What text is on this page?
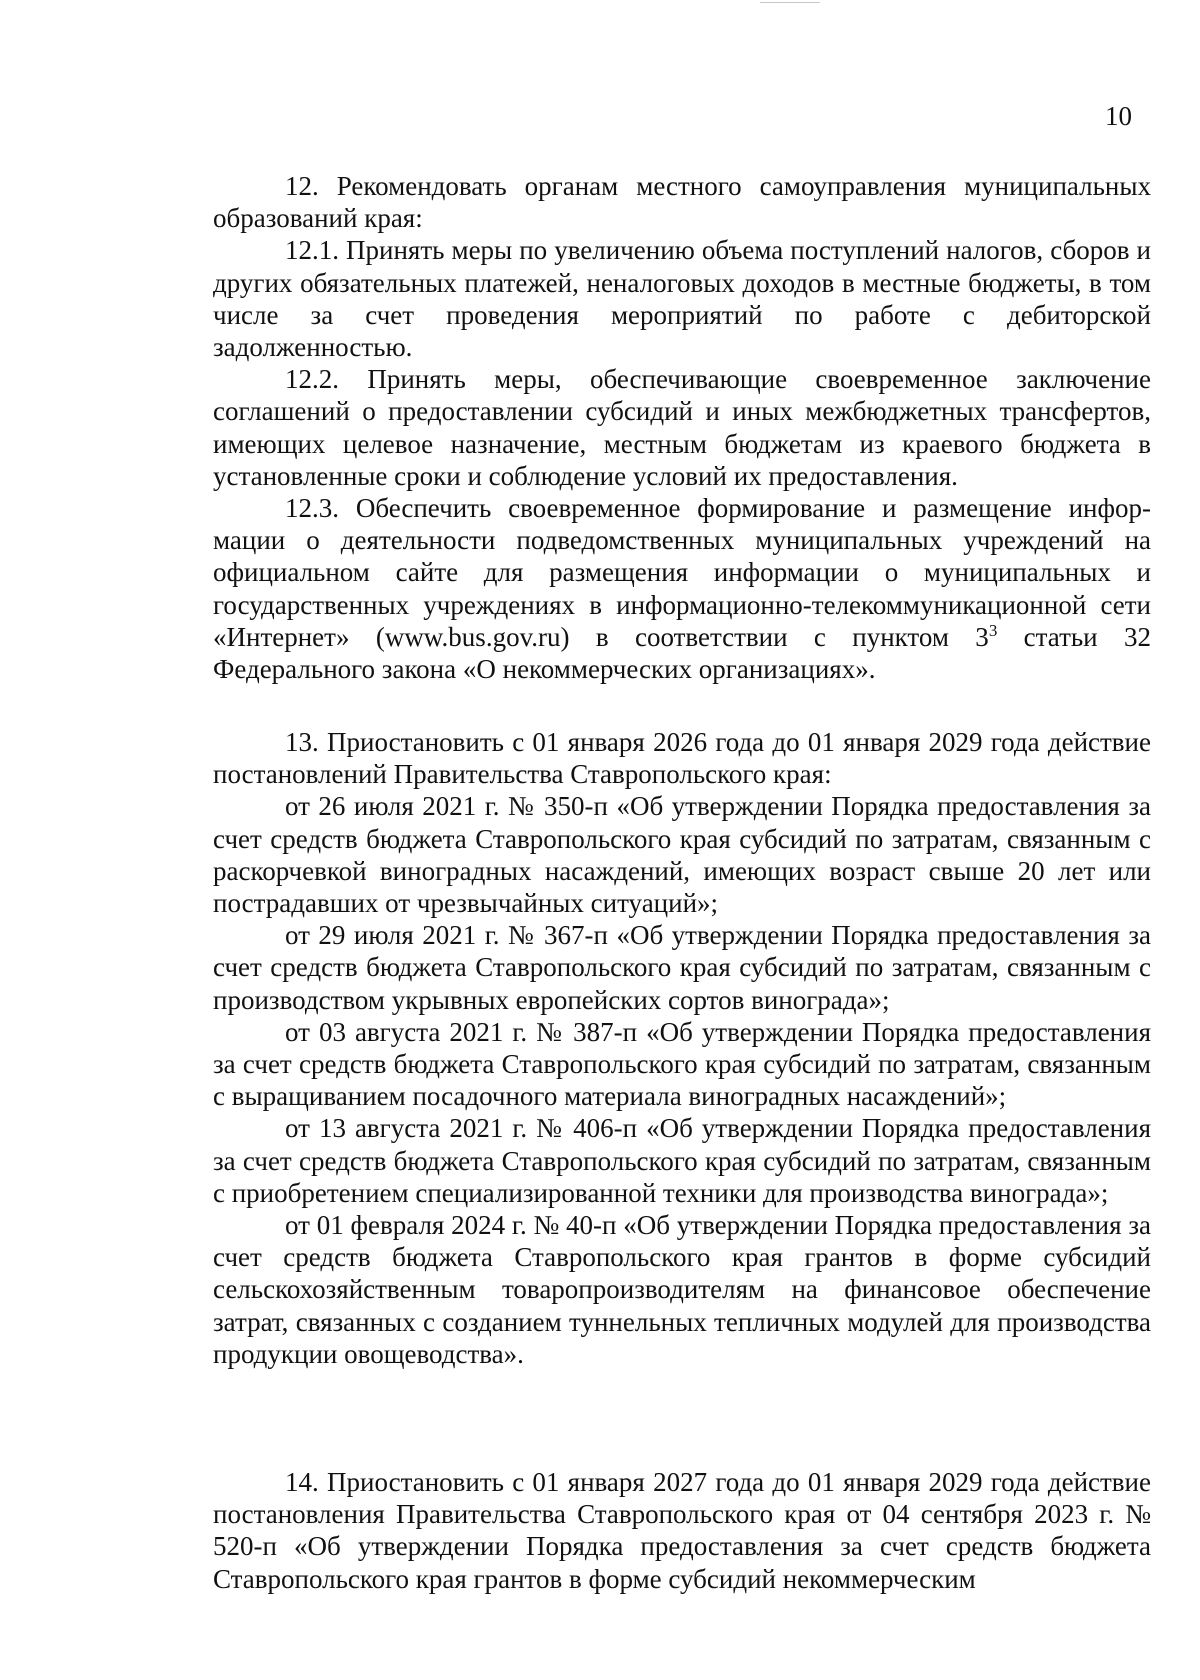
10

12. Рекомендовать органам местного самоуправления муниципальных образований края:

12.1. Принять меры по увеличению объема поступлений налогов, сборов и других обязательных платежей, неналоговых доходов в местные бюджеты, в том числе за счет проведения мероприятий по работе с дебиторской задолженностью.

12.2. Принять меры, обеспечивающие своевременное заключение соглашений о предоставлении субсидий и иных межбюджетных трансфертов, имеющих целевое назначение, местным бюджетам из краевого бюджета в установленные сроки и соблюдение условий их предоставления.

12.3. Обеспечить своевременное формирование и размещение информации о деятельности подведомственных муниципальных учреждений на официальном сайте для размещения информации о муниципальных и государственных учреждениях в информационно-телекоммуникационной сети «Интернет» (www.bus.gov.ru) в соответствии с пунктом $3^3$ статьи 32 Федерального закона «О некоммерческих организациях».

13. Приостановить с 01 января 2026 года до 01 января 2029 года действие постановлений Правительства Ставропольского края:

от 26 июля 2021 г. № 350-п «Об утверждении Порядка предоставления за счет средств бюджета Ставропольского края субсидий по затратам, связанным с раскорчевкой виноградных насаждений, имеющих возраст свыше 20 лет или пострадавших от чрезвычайных ситуаций»;

от 29 июля 2021 г. № 367-п «Об утверждении Порядка предоставления за счет средств бюджета Ставропольского края субсидий по затратам, связанным с производством укрывных европейских сортов винограда»;

от 03 августа 2021 г. № 387-п «Об утверждении Порядка предоставления за счет средств бюджета Ставропольского края субсидий по затратам, связанным с выращиванием посадочного материала виноградных насаждений»;

от 13 августа 2021 г. № 406-п «Об утверждении Порядка предоставления за счет средств бюджета Ставропольского края субсидий по затратам, связанным с приобретением специализированной техники для производства винограда»;

от 01 февраля 2024 г. № 40-п «Об утверждении Порядка предоставления за счет средств бюджета Ставропольского края грантов в форме субсидий сельскохозяйственным товаропроизводителям на финансовое обеспечение затрат, связанных с созданием туннельных тепличных модулей для производства продукции овощеводства».

14. Приостановить с 01 января 2027 года до 01 января 2029 года действие постановления Правительства Ставропольского края от 04 сентября 2023 г. № 520-п «Об утверждении Порядка предоставления за счет средств бюджета Ставропольского края грантов в форме субсидий некоммерческим
